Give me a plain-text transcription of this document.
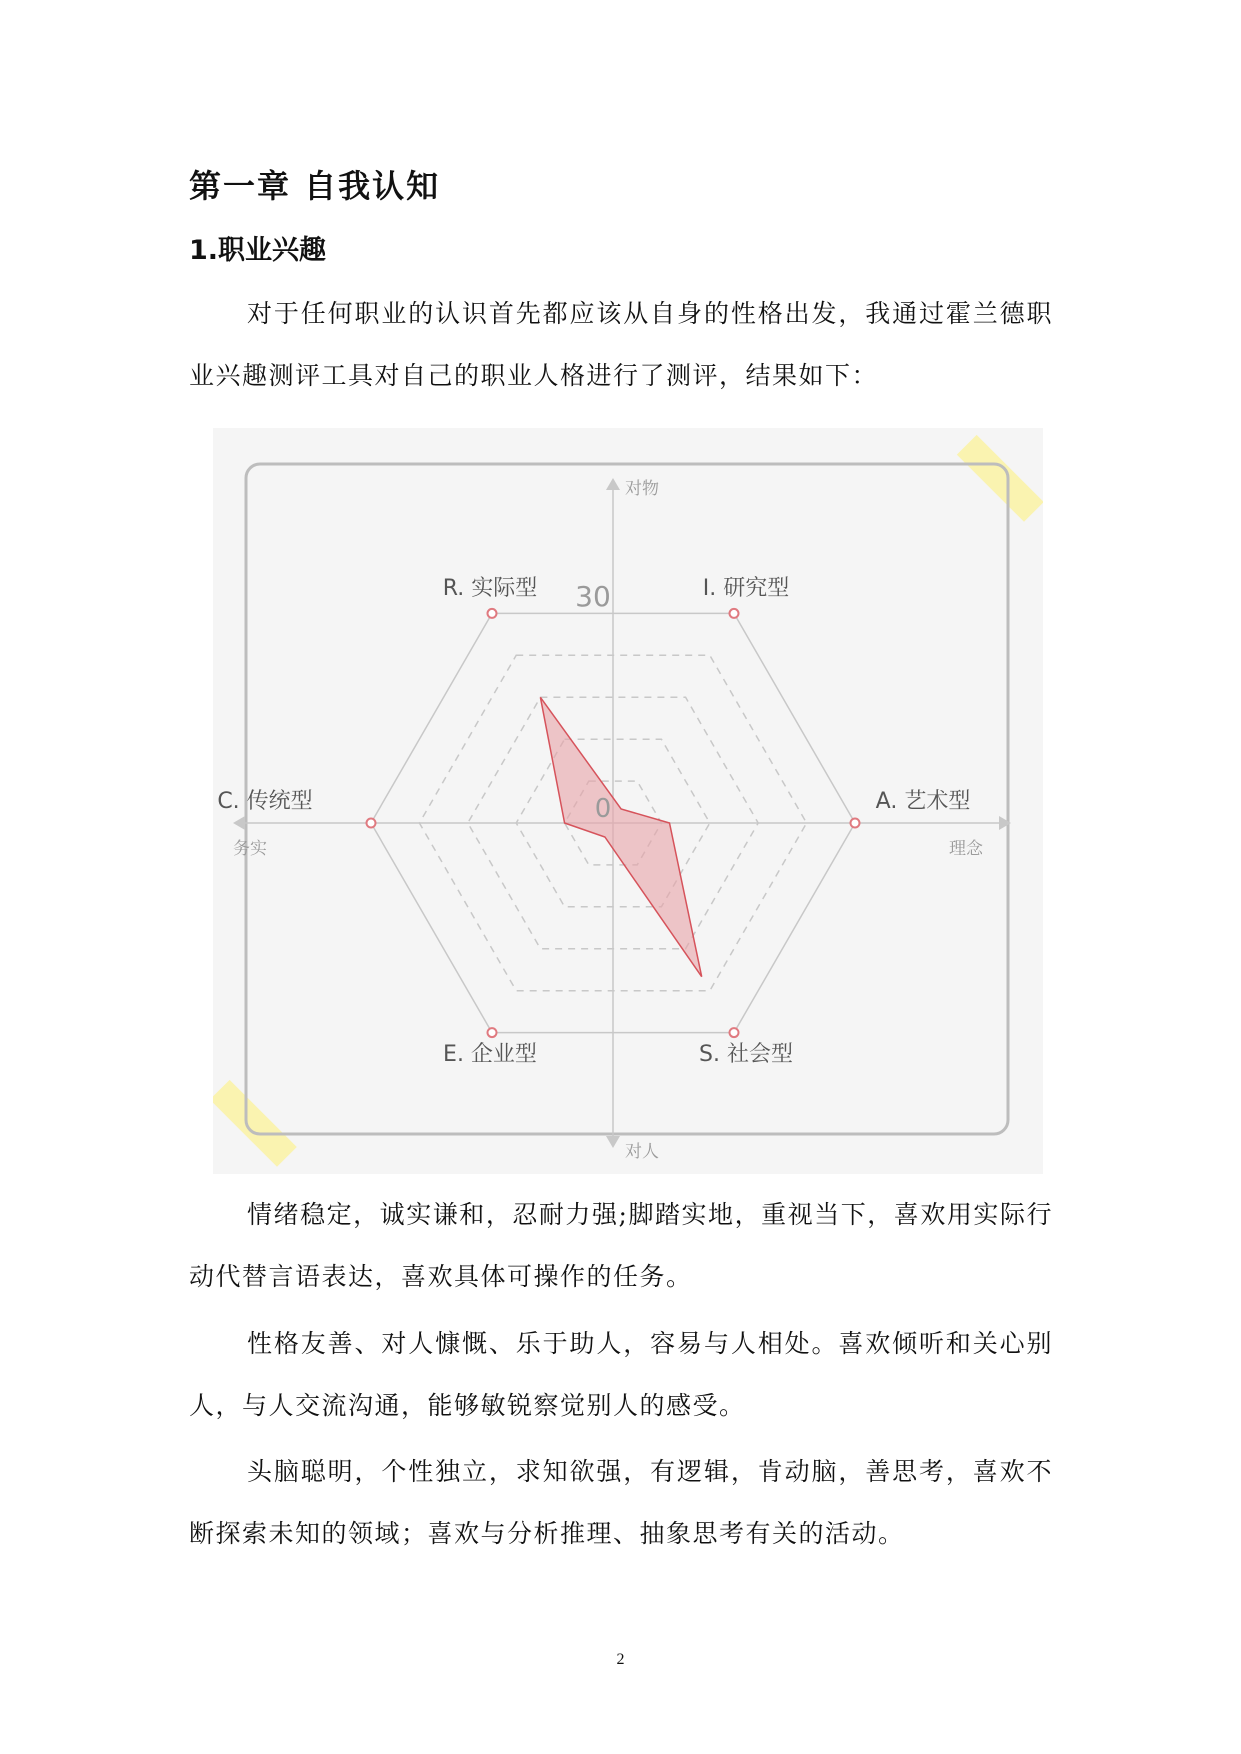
第一章 自我认知
1.职业兴趣

对于任何职业的认识首先都应该从自身的性格出发，我通过霍兰德职业兴趣测评工具对自己的职业人格进行了测评，结果如下：

R. 实际型	I. 研究型
A. 艺术型
S. 社会型
E. 企业型
C. 传统型
30
0
对物
对人
务实	理念

情绪稳定，诚实谦和，忍耐力强;脚踏实地，重视当下，喜欢用实际行动代替言语表达，喜欢具体可操作的任务。

性格友善、对人慷慨、乐于助人，容易与人相处。喜欢倾听和关心别人，与人交流沟通，能够敏锐察觉别人的感受。

头脑聪明，个性独立，求知欲强，有逻辑，肯动脑，善思考，喜欢不断探索未知的领域；喜欢与分析推理、抽象思考有关的活动。

2
